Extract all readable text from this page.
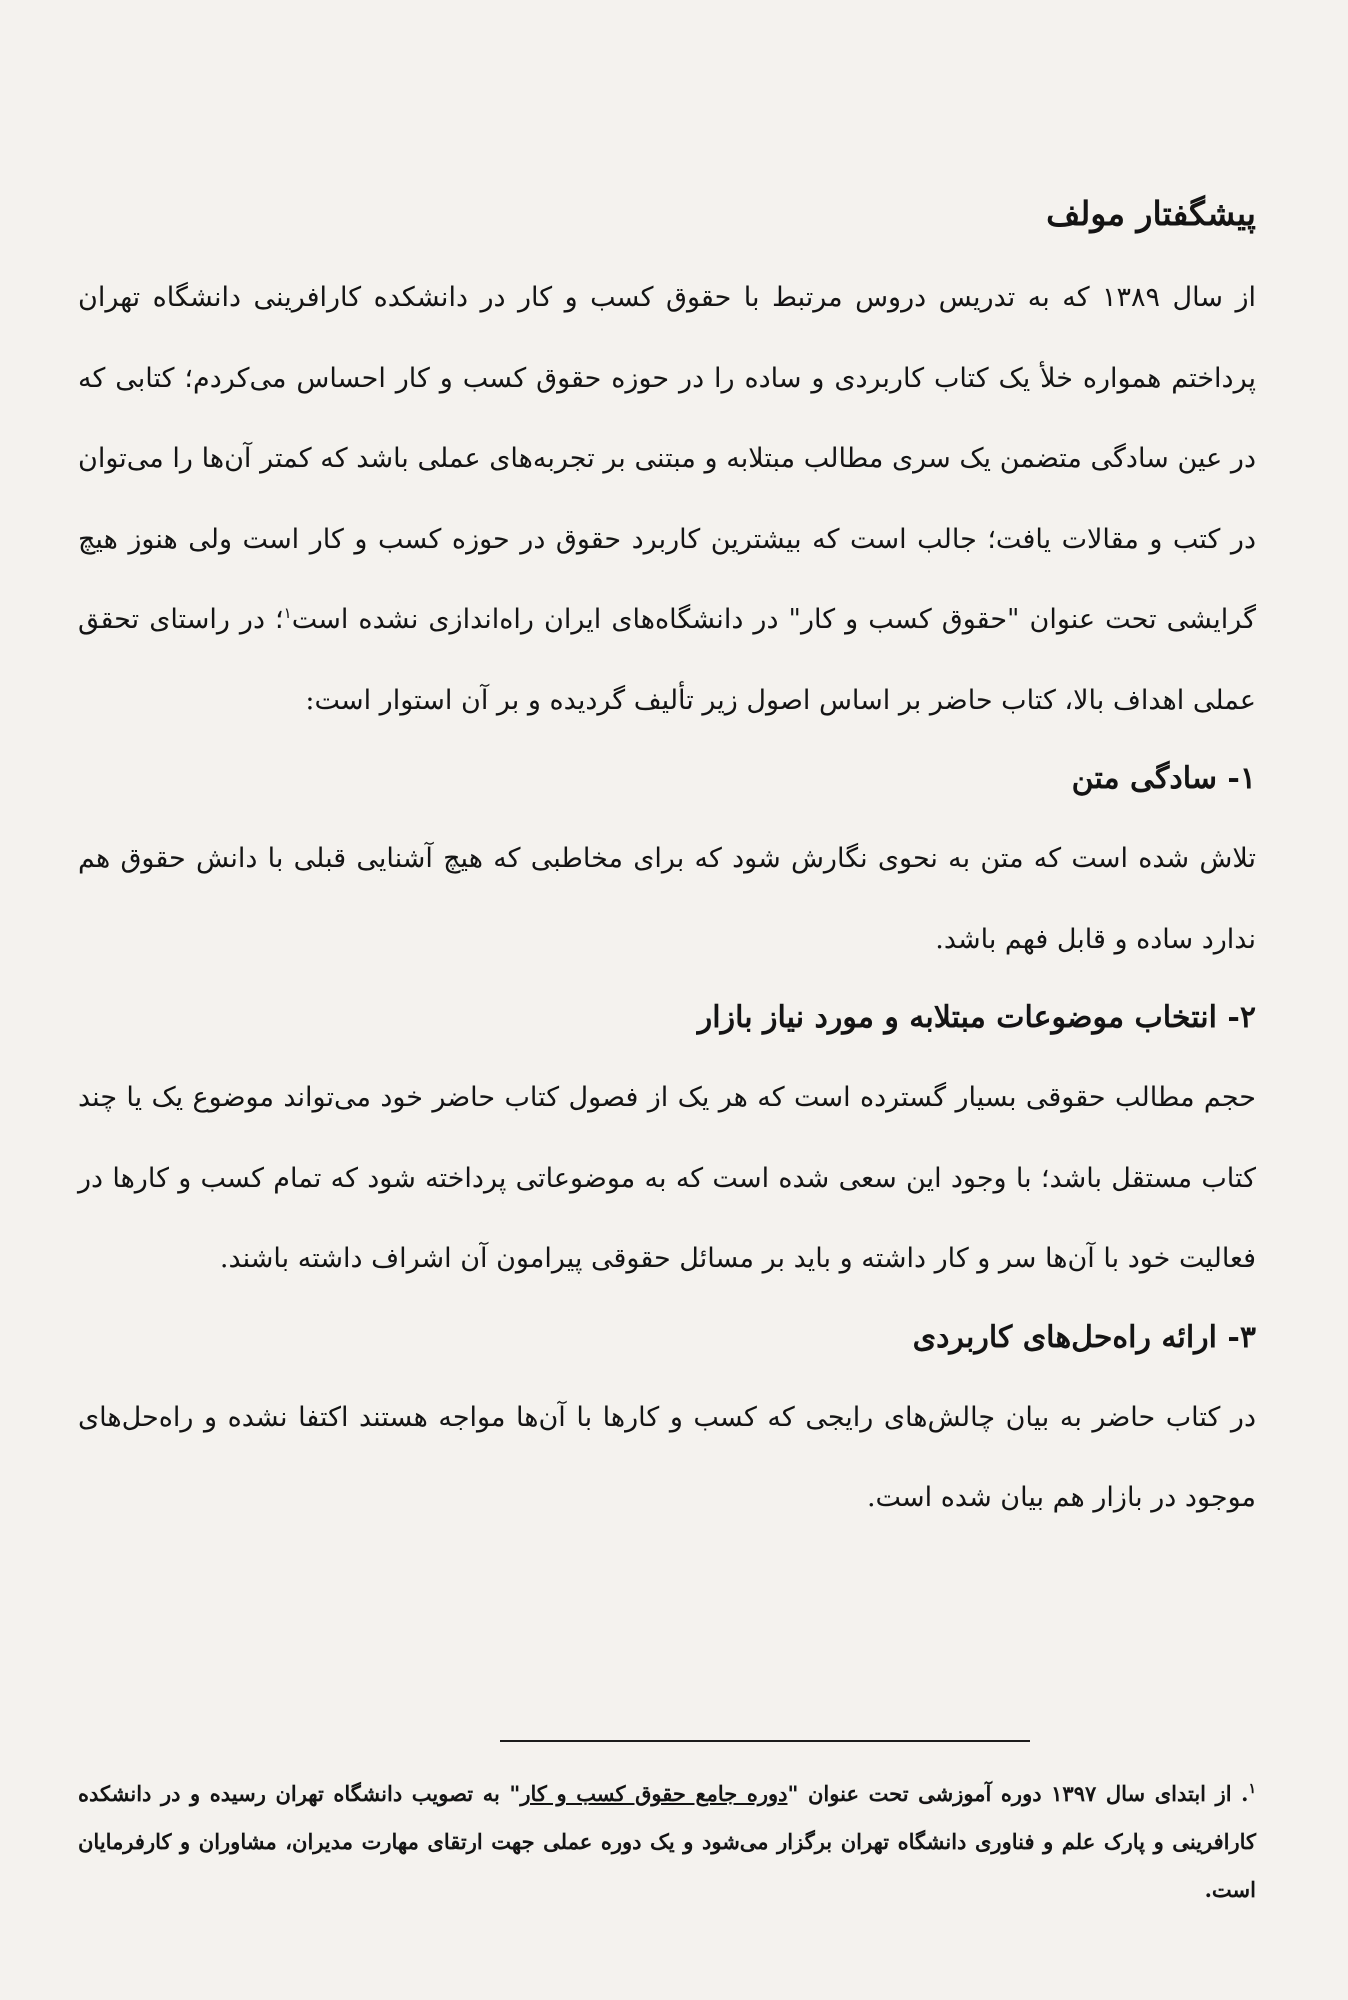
پیشگفتار مولف

از سال ۱۳۸۹ که به تدریس دروس مرتبط با حقوق کسب و کار در دانشکده کارافرینی دانشگاه تهران پرداختم همواره خلأ یک کتاب کاربردی و ساده را در حوزه حقوق کسب و کار احساس می‌کردم؛ کتابی که در عین سادگی متضمن یک سری مطالب مبتلابه و مبتنی بر تجربه‌های عملی باشد که کمتر آن‌ها را می‌توان در کتب و مقالات یافت؛ جالب است که بیشترین کاربرد حقوق در حوزه کسب و کار است ولی هنوز هیچ گرایشی تحت عنوان "حقوق کسب و کار" در دانشگاه‌های ایران راه‌اندازی نشده است$^۱$؛ در راستای تحقق عملی اهداف بالا، کتاب حاضر بر اساس اصول زیر تألیف گردیده و بر آن استوار است:

۱- سادگی متن

تلاش شده است که متن به نحوی نگارش شود که برای مخاطبی که هیچ آشنایی قبلی با دانش حقوق هم ندارد ساده و قابل فهم باشد.

۲- انتخاب موضوعات مبتلابه و مورد نیاز بازار

حجم مطالب حقوقی بسیار گسترده است که هر یک از فصول کتاب حاضر خود می‌تواند موضوع یک یا چند کتاب مستقل باشد؛ با وجود این سعی شده است که به موضوعاتی پرداخته شود که تمام کسب و کارها در فعالیت خود با آن‌ها سر و کار داشته و باید بر مسائل حقوقی پیرامون آن اشراف داشته باشند.

۳- ارائه راه‌حل‌های کاربردی

در کتاب حاضر به بیان چالش‌های رایجی که کسب و کارها با آن‌ها مواجه هستند اکتفا نشده و راه‌حل‌های موجود در بازار هم بیان شده است.

$^۱$. از ابتدای سال ۱۳۹۷ دوره آموزشی تحت عنوان "دوره جامع حقوق کسب و کار" به تصویب دانشگاه تهران رسیده و در دانشکده کارافرینی و پارک علم و فناوری دانشگاه تهران برگزار می‌شود و یک دوره عملی جهت ارتقای مهارت مدیران، مشاوران و کارفرمایان است.
